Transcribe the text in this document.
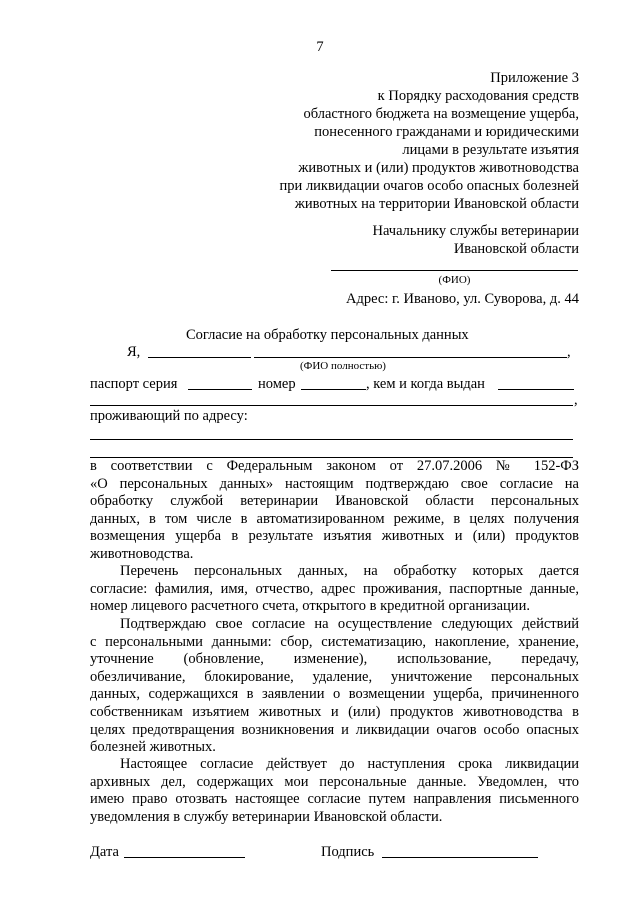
7
Приложение 3
к Порядку расходования средств
областного бюджета на возмещение ущерба,
понесенного гражданами и юридическими
лицами в результате изъятия
животных и (или) продуктов животноводства
при ликвидации очагов особо опасных болезней
животных на территории Ивановской области
Начальнику службы ветеринарии
Ивановской области
(ФИО)
Адрес: г. Иваново, ул. Суворова, д. 44
Согласие на обработку персональных данных
Я,	,
(ФИО полностью)
паспорт серия	номер	, кем и когда выдан
,
проживающий по адресу:
в соответствии с Федеральным законом от 27.07.2006 № 152-ФЗ
«О персональных данных» настоящим подтверждаю свое согласие на
обработку службой ветеринарии Ивановской области персональных
данных, в том числе в автоматизированном режиме, в целях получения
возмещения ущерба в результате изъятия животных и (или) продуктов
животноводства.
Перечень персональных данных, на обработку которых дается
согласие: фамилия, имя, отчество, адрес проживания, паспортные данные,
номер лицевого расчетного счета, открытого в кредитной организации.
Подтверждаю свое согласие на осуществление следующих действий
с персональными данными: сбор, систематизацию, накопление, хранение,
уточнение (обновление, изменение), использование, передачу,
обезличивание, блокирование, удаление, уничтожение персональных
данных, содержащихся в заявлении о возмещении ущерба, причиненного
собственникам изъятием животных и (или) продуктов животноводства в
целях предотвращения возникновения и ликвидации очагов особо опасных
болезней животных.
Настоящее согласие действует до наступления срока ликвидации
архивных дел, содержащих мои персональные данные. Уведомлен, что
имею право отозвать настоящее согласие путем направления письменного
уведомления в службу ветеринарии Ивановской области.
Дата	Подпись
